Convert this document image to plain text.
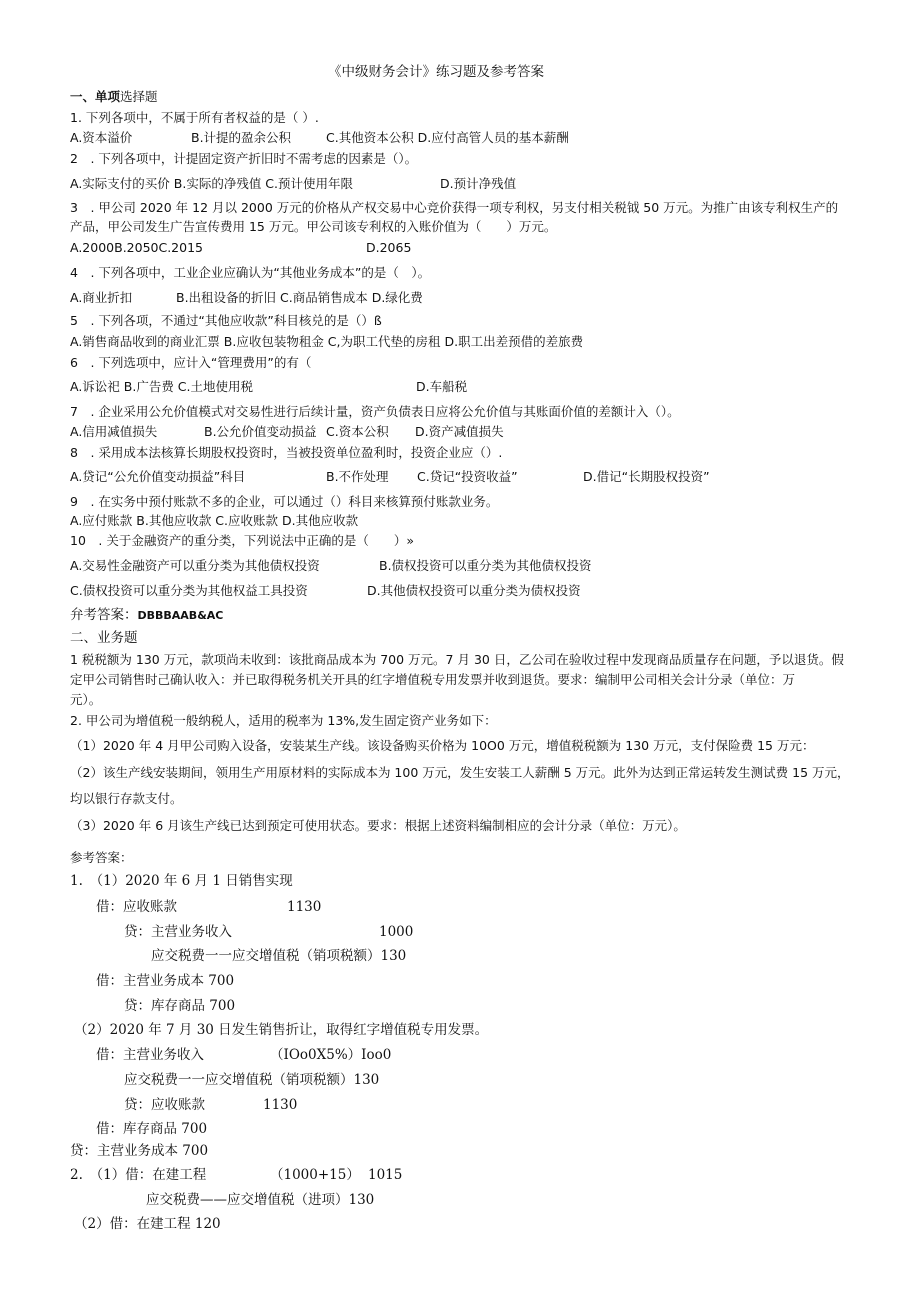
《中级财务会计》练习题及参考答案
一、单项选择题
1. 下列各项中，不属于所有者权益的是（ ）.
A.资本溢价	B.计提的盈余公积	C.其他资本公积 D.应付高管人员的基本薪酬
2　. 下列各项中，计提固定资产折旧时不需考虑的因素是（）。
A.实际支付的买价 B.实际的净残值 C.预计使用年限	D.预计净残值
3　. 甲公司 2020 年 12 月以 2000 万元的价格从产权交易中心竞价获得一项专利权，另支付相关税钺 50 万元。为推广由该专利权生产的
产品，甲公司发生广告宣传费用 15 万元。甲公司该专利权的入账价值为（　　）万元。
A.2000B.2050C.2015	D.2065
4　. 下列各项中，工业企业应确认为“其他业务成本”的是（　）。
A.商业折扣	B.出租设备的折旧 C.商品销售成本 D.绿化费
5　. 下列各项，不通过“其他应收款”科目核兑的是（）ß
A.销售商品收到的商业汇票 B.应收包装物租金 C,为职工代垫的房租 D.职工出差预借的差旅费
6　. 下列选项中，应计入“管理费用”的有（
A.诉讼祀 B.广告费 C.土地使用税	D.车船税
7　. 企业采用公允价值模式对交易性进行后续计量，资产负债表日应将公允价值与其账面价值的差额计入（）。
A.信用减值损失	B.公允价值变动损益 C.资本公积 D.资产减值损失
8　. 采用成本法核算长期股权投资时，当被投资单位盈利时，投资企业应（）.
A.贷记“公允价值变动损益”科目	B.不作处理 C.贷记“投资收益”	D.借记“长期股权投资”
9　. 在实务中预付账款不多的企业，可以通过（）科目来核算预付账款业务。
A.应付账款 B.其他应收款 C.应收账款 D.其他应收款
10　. 关于金融资产的重分类，下列说法中正确的是（　　）»
A.交易性金融资产可以重分类为其他债权投资	B.债权投资可以重分类为其他债权投资
C.债权投资可以重分类为其他权益工具投资	D.其他债权投资可以重分类为债权投资
弁考答案：DBBBAAB&AC
二、业务题
1 税税额为 130 万元，款项尚未收到：该批商品成本为 700 万元。7 月 30 日，乙公司在验收过程中发现商品质量存在问题，予以退货。假
定甲公司销售时己确认收入：并已取得税务机关开具的红字增值税专用发票并收到退货。要求：编制甲公司相关会计分录（单位：万
元）。
2. 甲公司为增值税一般纳税人，适用的税率为 13%,发生固定资产业务如下：
（1）2020 年 4 月甲公司购入设备，安装某生产线。该设备购买价格为 10O0 万元，增值税税额为 130 万元，支付保险费 15 万元：
（2）该生产线安装期间，领用生产用原材料的实际成本为 100 万元，发生安装工人薪酬 5 万元。此外为达到正常运转发生测试费 15 万元，
均以银行存款支付。
（3）2020 年 6 月该生产线已达到预定可使用状态。要求：根据上述资料编制相应的会计分录（单位：万元）。
参考答案：
1.　（1）2020 年 6 月 1 日销售实现
借：应收账款	1130
贷：主营业务收入	1000
应交税费一一应交增值税（销项税额）130
借：主营业务成本 700
贷：库存商品 700
（2）2020 年 7 月 30 日发生销售折让，取得红字增值税专用发票。
借：主营业务收入	（IOo0X5%）Ioo0
应交税费一一应交增值税（销项税额）130
贷：应收账款	1130
借：库存商品 700
贷：主营业务成本 700
2.　（1）借：在建工程	（1000+15） 1015
应交税费——应交增值税（进项）130
（2）借：在建工程 120
